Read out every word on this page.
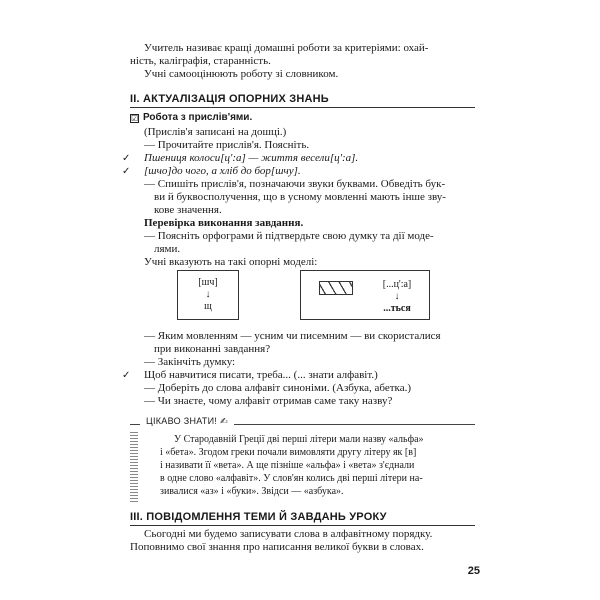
Учитель називає кращі домашні роботи за критеріями: охай-
ність, каліграфія, старанність.
Учні самооцінюють роботу зі словником.
ІІ. АКТУАЛІЗАЦІЯ ОПОРНИХ ЗНАНЬ
☑ Робота з прислів'ями.
(Прислів'я записані на дошці.)
— Прочитайте прислів'я. Поясніть.
✓ Пшениця колосu[ц':а] — життя веселu[ц':а].
✓ [шчо]до чого, а хліб до бор[шчу].
— Спишіть прислів'я, позначаючи звуки буквами. Обведіть бук-
ви й буквосполучення, що в усному мовленні мають інше зву-
кове значення.
Перевірка виконання завдання.
— Поясніть орфограми й підтвердьте свою думку та дії моде-
лями.
Учні вказують на такі опорні моделі:
[шч]
↓
щ
[...ц':а]
↓
...ться
— Яким мовленням — усним чи писемним — ви скористалися
при виконанні завдання?
— Закінчіть думку:
✓ Щоб навчитися писати, треба... (... знати алфавіт.)
— Доберіть до слова алфавіт синоніми. (Азбука, абетка.)
— Чи знаєте, чому алфавіт отримав саме таку назву?
ЦІКАВО ЗНАТИ! ✍
У Стародавній Греції дві перші літери мали назву «альфа»
і «бета». Згодом греки почали вимовляти другу літеру як [в]
і називати її «вета». А ще пізніше «альфа» і «вета» з'єднали
в одне слово «алфавіт». У слов'ян колись дві перші літери на-
зивалися «аз» і «буки». Звідси — «азбука».
ІІІ. ПОВІДОМЛЕННЯ ТЕМИ Й ЗАВДАНЬ УРОКУ
Сьогодні ми будемо записувати слова в алфавітному порядку.
Поповнимо свої знання про написання великої букви в словах.
25
